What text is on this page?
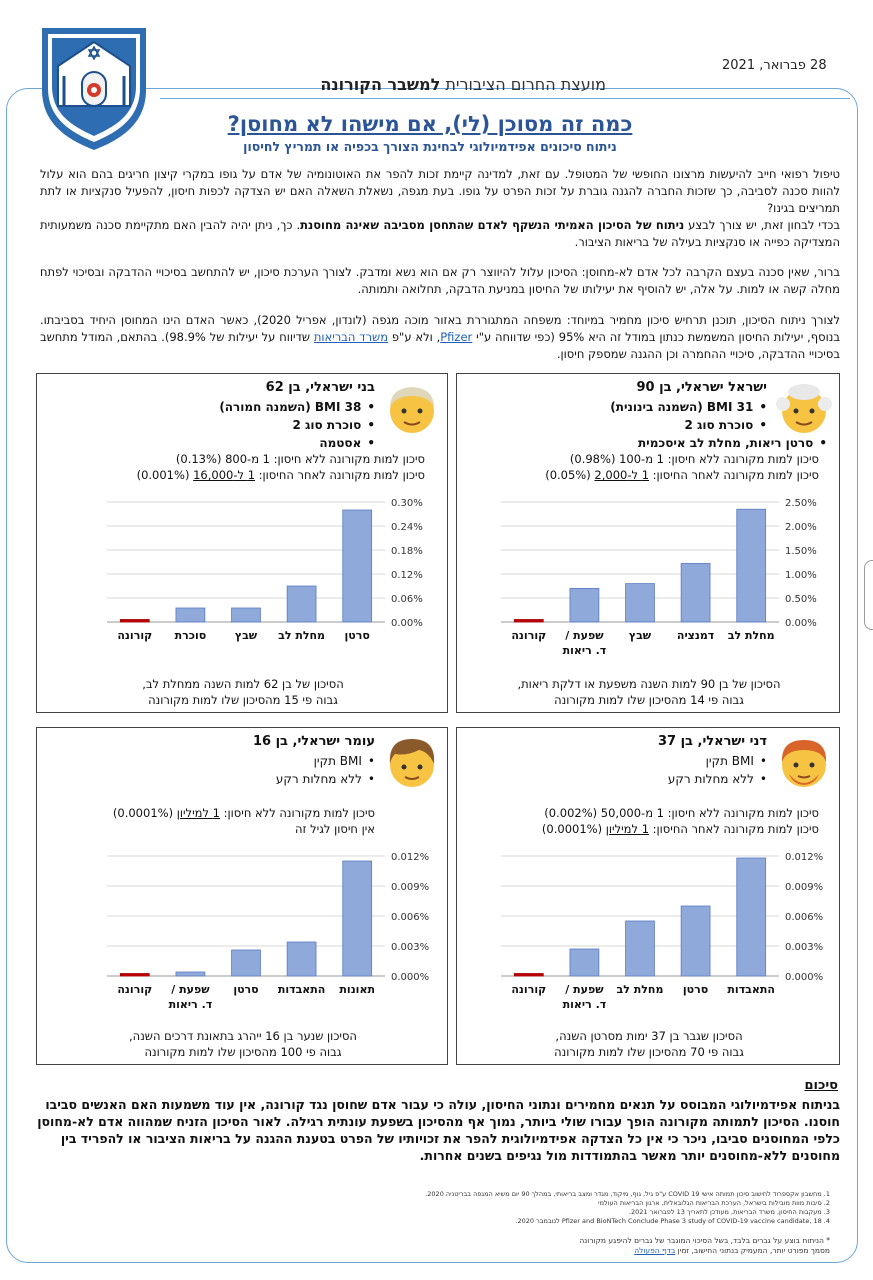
28 פברואר, 2021
מועצת החרום הציבורית למשבר הקורונה
כמה זה מסוכן (לי), אם מישהו לא מחוסן?
ניתוח סיכונים אפידמיולוגי לבחינת הצורך בכפיה או תמריץ לחיסון
טיפול רפואי חייב להיעשות מרצונו החופשי של המטופל. עם זאת, למדינה קיימת זכות להפר את האוטונומיה של אדם על גופו במקרי קיצון חריגים בהם הוא עלול להוות סכנה לסביבה, כך שזכות החברה להגנה גוברת על זכות הפרט על גופו. בעת מגפה, נשאלת השאלה האם יש הצדקה לכפות חיסון, להפעיל סנקציות או לתת תמריצים בגינו?
בכדי לבחון זאת, יש צורך לבצע ניתוח של הסיכון האמיתי הנשקף לאדם שהתחסן מסביבה שאינה מחוסנת. כך, ניתן יהיה להבין האם מתקיימת סכנה משמעותית המצדיקה כפייה או סנקציות בעילה של בריאות הציבור.
ברור, שאין סכנה בעצם הקרבה לכל אדם לא-מחוסן: הסיכון עלול להיווצר רק אם הוא נשא ומדבק. לצורך הערכת סיכון, יש להתחשב בסיכויי ההדבקה ובסיכוי לפתח מחלה קשה או למות. על אלה, יש להוסיף את יעילותו של החיסון במניעת הדבקה, תחלואה ותמותה.
לצורך ניתוח הסיכון, תוכנן תרחיש סיכון מחמיר במיוחד: משפחה המתגוררת באזור מוכה מגפה (לונדון, אפריל 2020), כאשר האדם הינו המחוסן היחיד בסביבתו. בנוסף, יעילות החיסון המשמשת כנתון במודל זה היא 95% (כפי שדווחה ע"י Pfizer, ולא ע"פ משרד הבריאות שדיווח על יעילות של 98.9%). בהתאם, המודל מתחשב בסיכויי ההדבקה, סיכויי ההחמרה וכן ההגנה שמספק חיסון.
ישראל ישראלי, בן 90
• 31 BMI (השמנה בינונית)
• סוכרת סוג 2
• סרטן ריאות, מחלת לב איסכמית
סיכון למות מקורונה ללא חיסון: 1 מ-100 (0.98%)
סיכון למות מקורונה לאחר החיסון: 1 ל-2,000 (0.05%)
0.00%
0.50%
1.00%
1.50%
2.00%
2.50%
קורונה שפעת /
ד. ריאות
שבץ דמנציה מחלת לב
הסיכון של בן 90 למות השנה משפעת או דלקת ריאות,
גבוה פי 14 מהסיכון שלו למות מקורונה
בני ישראלי, בן 62
• 38 BMI (השמנה חמורה)
• סוכרת סוג 2
• אסטמה
סיכון למות מקורונה ללא חיסון: 1 מ-800 (0.13%)
סיכון למות מקורונה לאחר החיסון: 1 ל-16,000 (0.001%)
0.00%
0.06%
0.12%
0.18%
0.24%
0.30%
קורונה סוכרת	שבץ מחלת לב סרטן
הסיכון של בן 62 למות השנה ממחלת לב,
גבוה פי 15 מהסיכון שלו למות מקורונה
דני ישראלי, בן 37
• BMI תקין
• ללא מחלות רקע
סיכון למות מקורונה ללא חיסון: 1 מ-50,000 (0.002%)
סיכון למות מקורונה לאחר החיסון: 1 למיליון (0.0001%)
0.000%
0.003%
0.006%
0.009%
0.012%
קורונה שפעת /
ד. ריאות
מחלת לב סרטן התאבדות
הסיכון שגבר בן 37 ימות מסרטן השנה,
גבוה פי 70 מהסיכון שלו למות מקורונה
עומר ישראלי, בן 16
• BMI תקין
• ללא מחלות רקע
סיכון למות מקורונה ללא חיסון: 1 למיליון (0.0001%)
אין חיסון לגיל זה
0.000%
0.003%
0.006%
0.009%
0.012%
קורונה שפעת /
ד. ריאות
סרטן התאבדות תאונות
הסיכון שנער בן 16 ייהרג בתאונת דרכים השנה,
גבוה פי 100 מהסיכון שלו למות מקורונה
סיכום
בניתוח אפידמיולוגי המבוסס על תנאים מחמירים ונתוני החיסון, עולה כי עבור אדם שחוסן נגד קורונה, אין עוד משמעות האם האנשים סביבו חוסנו. הסיכון לתמותה מקורונה הופך עבורו שולי ביותר, נמוך אף מהסיכון בשפעת עונתית רגילה. לאור הסיכון הזניח שמהווה אדם לא-מחוסן כלפי המחוסנים סביבו, ניכר כי אין כל הצדקה אפידמיולוגית להפר את זכויותיו של הפרט בטענת ההגנה על בריאות הציבור או להפריד בין מחוסנים ללא-מחוסנים יותר מאשר בהתמודדות מול נגיפים בשנים אחרות.
1. מחשבון אקספרוד לחישוב סיכון תמותה אישי COVID 19 ע"פ גיל, גוף, מיקוד, מגדר ומצב בריאותי, במהלך 90 יום משיא המגפה בבריטניה 2020.
2. סיבות מוות מובילות בישראל, הערכת הבריאות הגלובאלית, ארגון הבריאות העולמי
3. מעקבות החיסון, משרד הבריאות, מעודכן לתאריך 13 לפברואר 2021.
4. Pfizer and BioNTech Conclude Phase 3 study of COVID-19 vaccine candidate, 18 לנובמבר 2020.
* הניתוח בוצע על גברים בלבד, בשל הסיכוי המוגבר של גברים להיפגע מקורונה
מסמך מפורט יותר, המעמיק בנתוני החישוב, זמין בדף הפעולה
